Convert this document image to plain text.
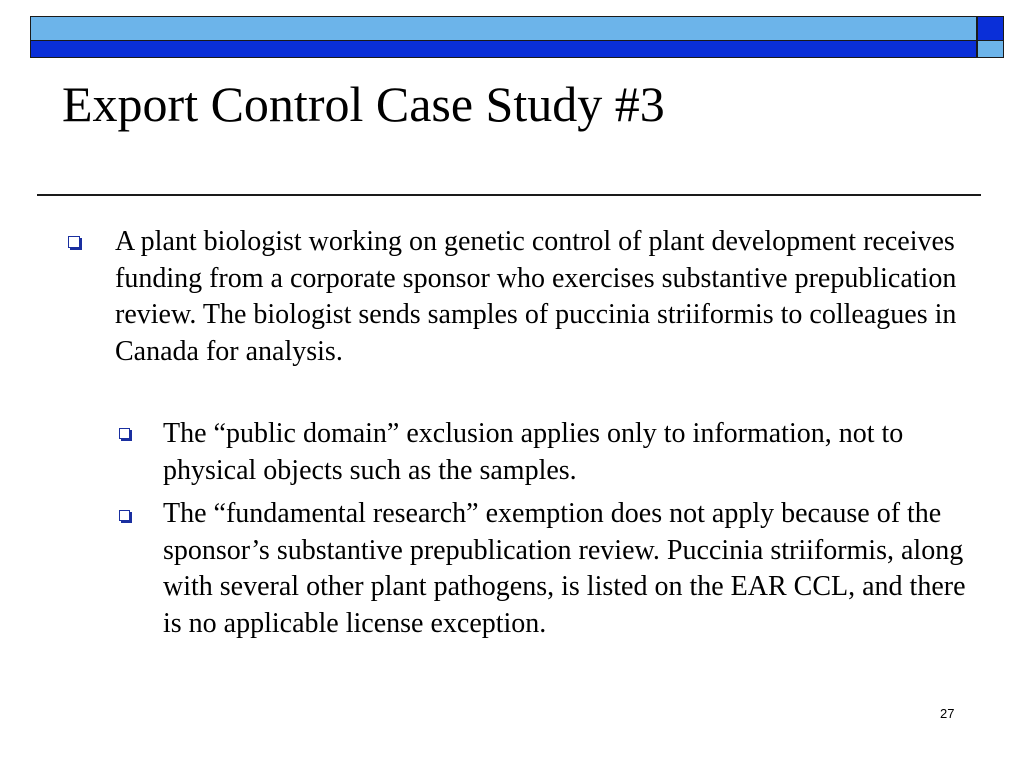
Export Control Case Study #3
A plant biologist working on genetic control of plant development receives funding from a corporate sponsor who exercises substantive prepublication review. The biologist sends samples of puccinia striiformis to colleagues in Canada for analysis.
The “public domain” exclusion applies only to information, not to physical objects such as the samples.
The “fundamental research” exemption does not apply because of the sponsor’s substantive prepublication review. Puccinia striiformis, along with several other plant pathogens, is listed on the EAR CCL, and there is no applicable license exception.
27
